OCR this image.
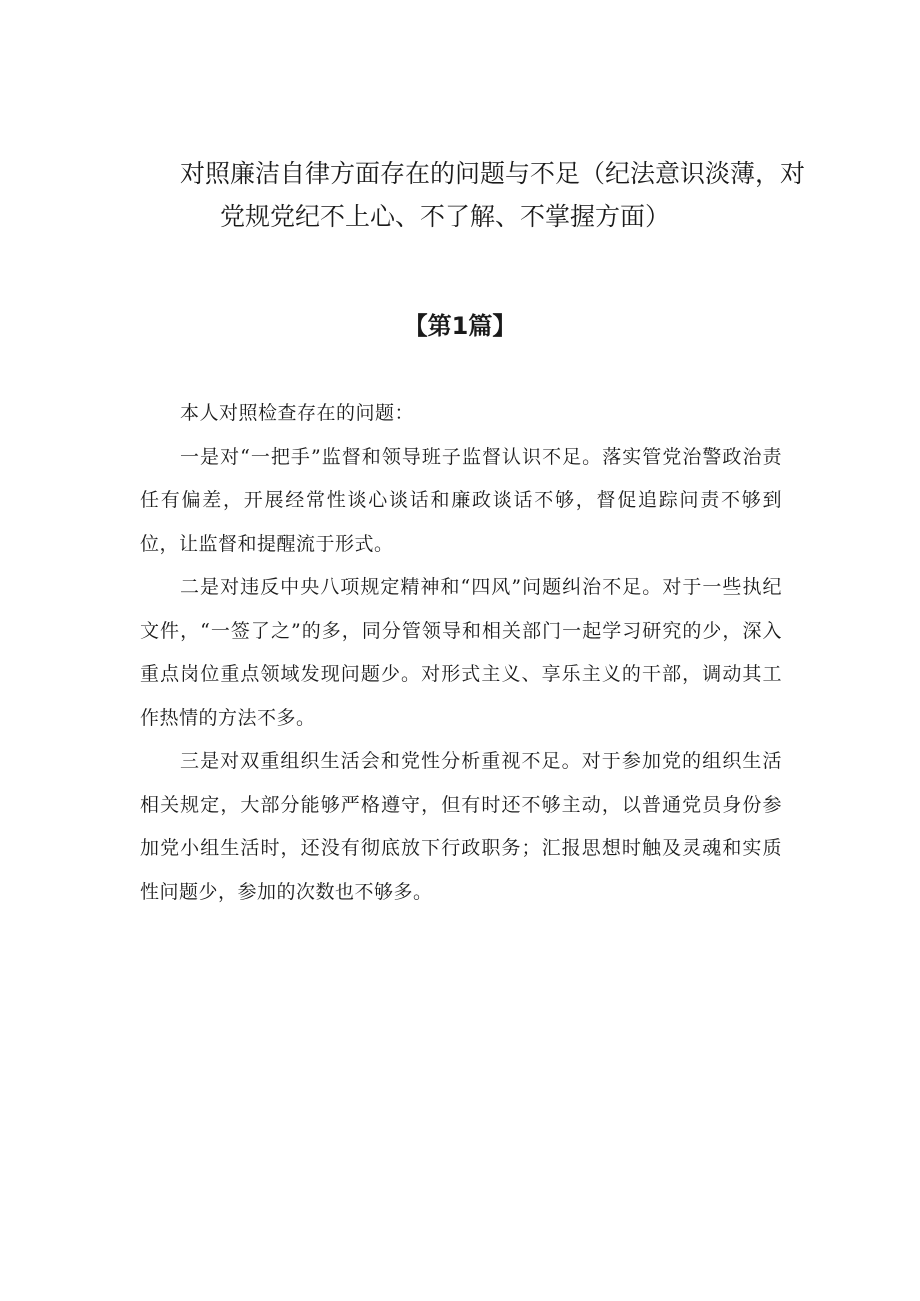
对照廉洁自律方面存在的问题与不足（纪法意识淡薄，对
党规党纪不上心、不了解、不掌握方面）
【第1篇】

本人对照检查存在的问题：

一是对“一把手”监督和领导班子监督认识不足。落实管党治警政治责任有偏差，开展经常性谈心谈话和廉政谈话不够，督促追踪问责不够到位，让监督和提醒流于形式。

二是对违反中央八项规定精神和“四风”问题纠治不足。对于一些执纪文件，“一签了之”的多，同分管领导和相关部门一起学习研究的少，深入重点岗位重点领域发现问题少。对形式主义、享乐主义的干部，调动其工作热情的方法不多。

三是对双重组织生活会和党性分析重视不足。对于参加党的组织生活相关规定，大部分能够严格遵守，但有时还不够主动，以普通党员身份参加党小组生活时，还没有彻底放下行政职务；汇报思想时触及灵魂和实质性问题少，参加的次数也不够多。
